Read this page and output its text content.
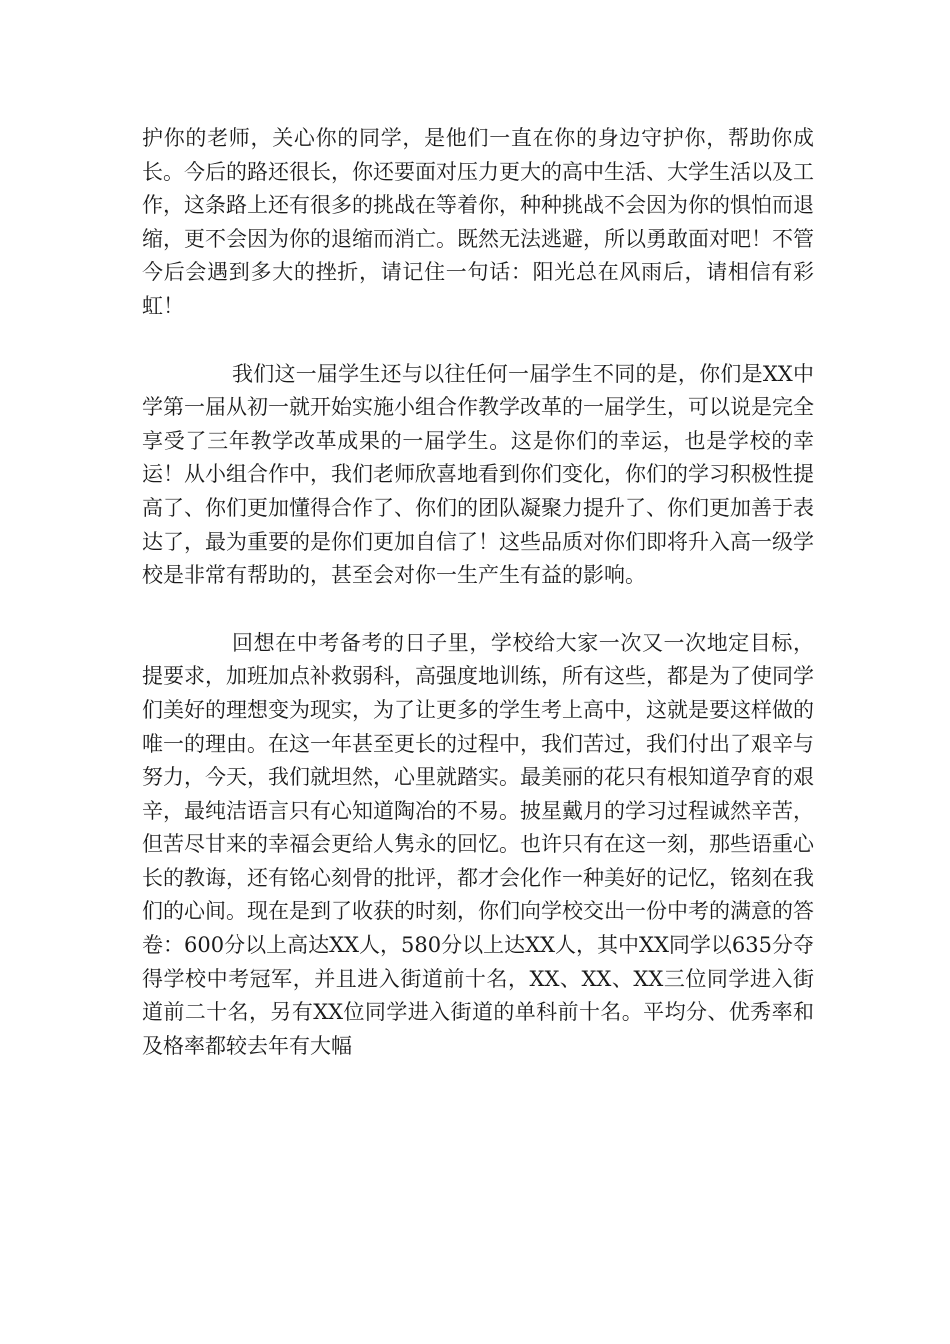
护你的老师，关心你的同学，是他们一直在你的身边守护你，帮助你成长。今后的路还很长，你还要面对压力更大的高中生活、大学生活以及工作，这条路上还有很多的挑战在等着你，种种挑战不会因为你的惧怕而退缩，更不会因为你的退缩而消亡。既然无法逃避，所以勇敢面对吧！不管今后会遇到多大的挫折，请记住一句话：阳光总在风雨后，请相信有彩虹！

我们这一届学生还与以往任何一届学生不同的是，你们是XX中学第一届从初一就开始实施小组合作教学改革的一届学生，可以说是完全享受了三年教学改革成果的一届学生。这是你们的幸运，也是学校的幸运！从小组合作中，我们老师欣喜地看到你们变化，你们的学习积极性提高了、你们更加懂得合作了、你们的团队凝聚力提升了、你们更加善于表达了，最为重要的是你们更加自信了！这些品质对你们即将升入高一级学校是非常有帮助的，甚至会对你一生产生有益的影响。

回想在中考备考的日子里，学校给大家一次又一次地定目标，提要求，加班加点补救弱科，高强度地训练，所有这些，都是为了使同学们美好的理想变为现实，为了让更多的学生考上高中，这就是要这样做的唯一的理由。在这一年甚至更长的过程中，我们苦过，我们付出了艰辛与努力，今天，我们就坦然，心里就踏实。最美丽的花只有根知道孕育的艰辛，最纯洁语言只有心知道陶冶的不易。披星戴月的学习过程诚然辛苦，但苦尽甘来的幸福会更给人隽永的回忆。也许只有在这一刻，那些语重心长的教诲，还有铭心刻骨的批评，都才会化作一种美好的记忆，铭刻在我们的心间。现在是到了收获的时刻，你们向学校交出一份中考的满意的答卷：600分以上高达XX人，580分以上达XX人，其中XX同学以635分夺得学校中考冠军，并且进入街道前十名，XX、XX、XX三位同学进入街道前二十名，另有XX位同学进入街道的单科前十名。平均分、优秀率和及格率都较去年有大幅
